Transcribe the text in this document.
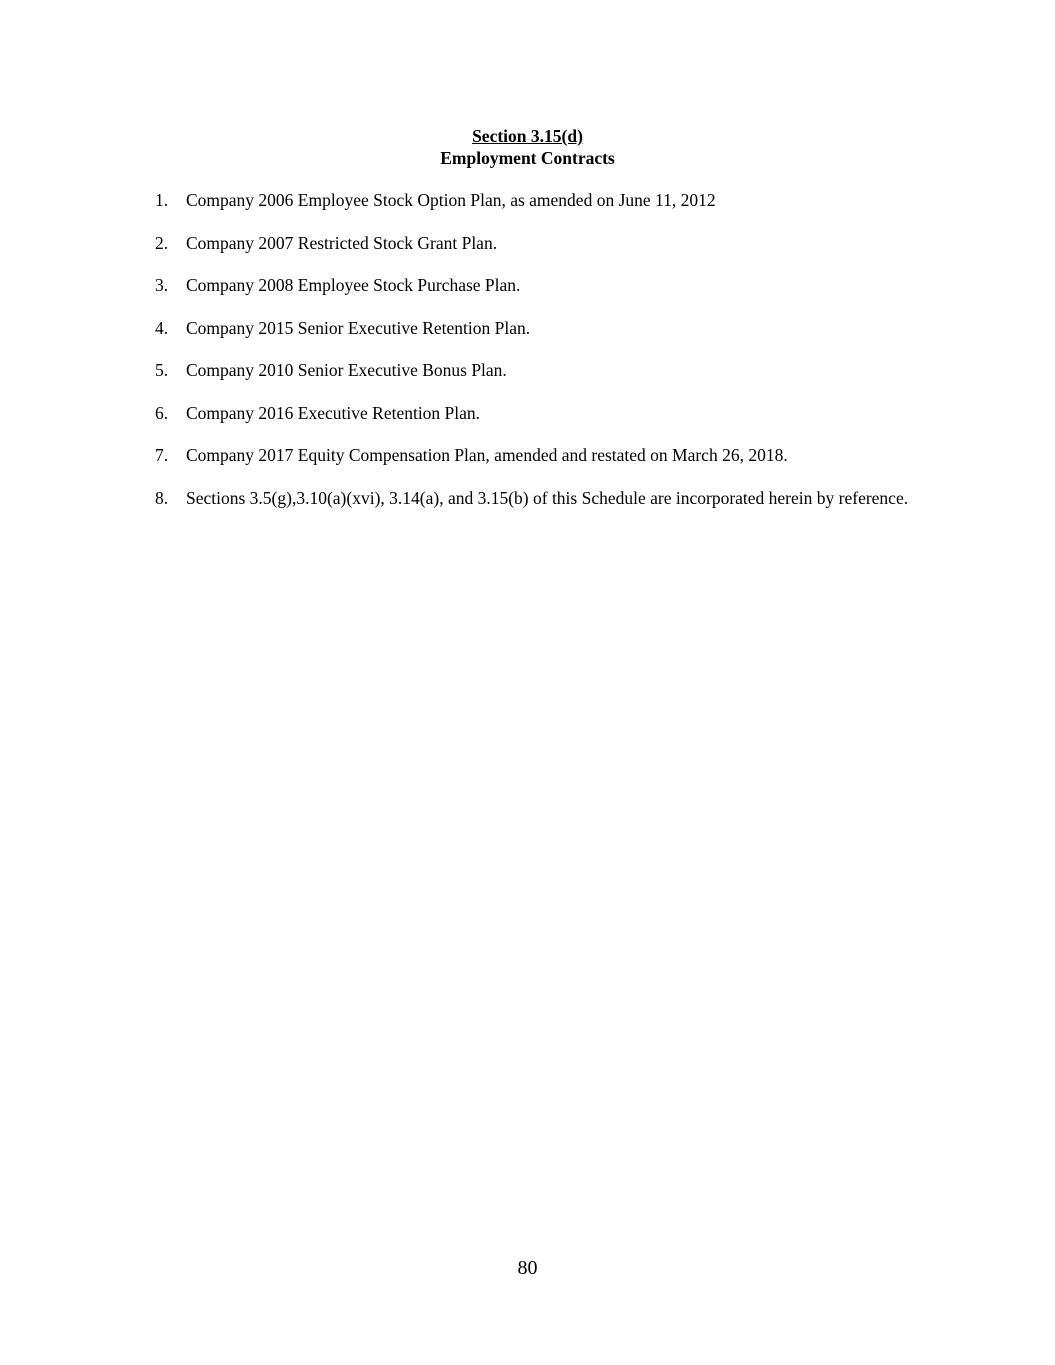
Section 3.15(d)
Employment Contracts
1.	Company 2006 Employee Stock Option Plan, as amended on June 11, 2012
2.	Company 2007 Restricted Stock Grant Plan.
3.	Company 2008 Employee Stock Purchase Plan.
4.	Company 2015 Senior Executive Retention Plan.
5.	Company 2010 Senior Executive Bonus Plan.
6.	Company 2016 Executive Retention Plan.
7.	Company 2017 Equity Compensation Plan, amended and restated on March 26, 2018.
8.	Sections 3.5(g),3.10(a)(xvi), 3.14(a), and 3.15(b) of this Schedule are incorporated herein by reference.
80
